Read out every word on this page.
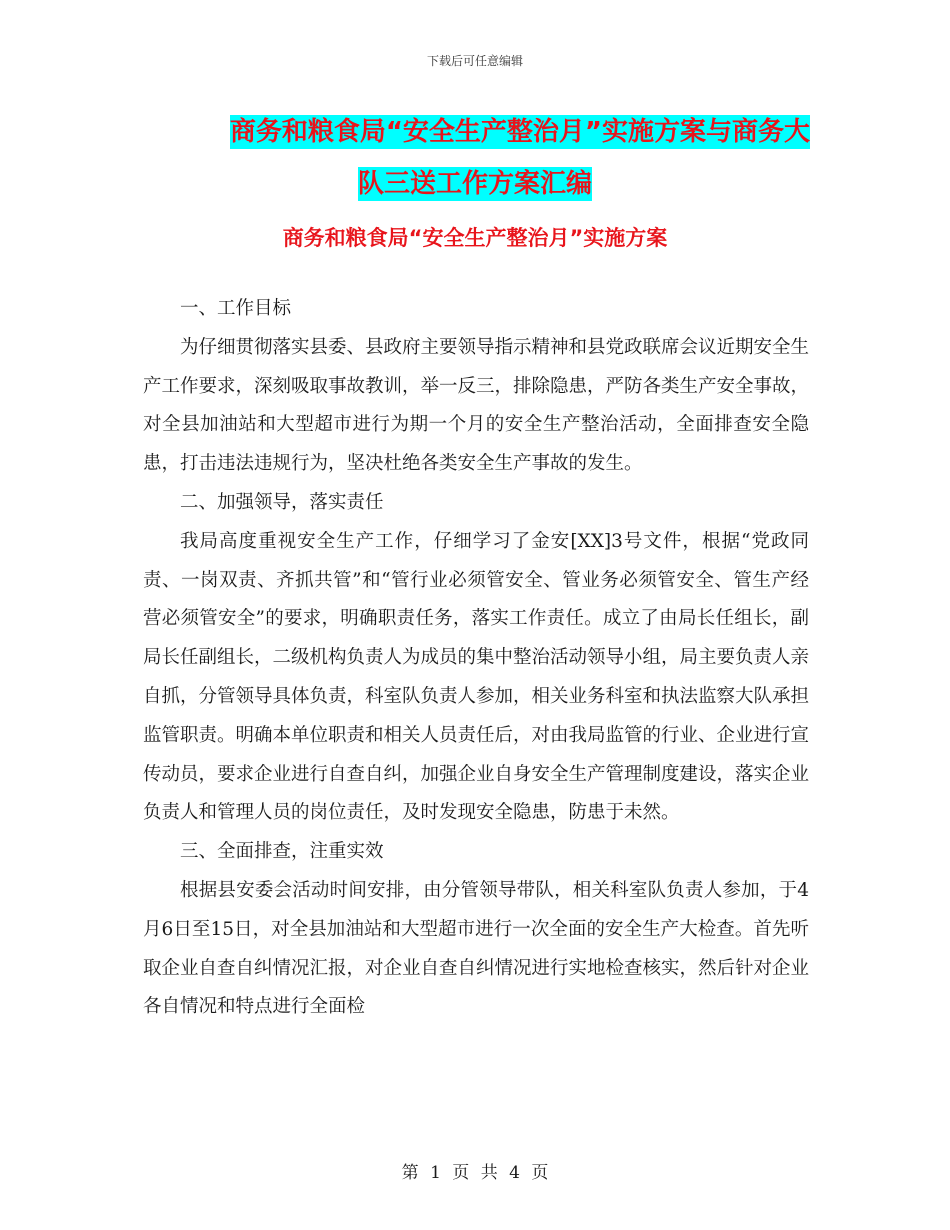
下载后可任意编辑
商务和粮食局“安全生产整治月”实施方案与商务大
队三送工作方案汇编
商务和粮食局“安全生产整治月”实施方案

一、工作目标

为仔细贯彻落实县委、县政府主要领导指示精神和县党政联席会议近期安全生产工作要求，深刻吸取事故教训，举一反三，排除隐患，严防各类生产安全事故，对全县加油站和大型超市进行为期一个月的安全生产整治活动，全面排查安全隐患，打击违法违规行为，坚决杜绝各类安全生产事故的发生。

二、加强领导，落实责任

我局高度重视安全生产工作，仔细学习了金安[XX]3号文件，根据“党政同责、一岗双责、齐抓共管”和“管行业必须管安全、管业务必须管安全、管生产经营必须管安全”的要求，明确职责任务，落实工作责任。成立了由局长任组长，副局长任副组长，二级机构负责人为成员的集中整治活动领导小组，局主要负责人亲自抓，分管领导具体负责，科室队负责人参加，相关业务科室和执法监察大队承担监管职责。明确本单位职责和相关人员责任后，对由我局监管的行业、企业进行宣传动员，要求企业进行自查自纠，加强企业自身安全生产管理制度建设，落实企业负责人和管理人员的岗位责任，及时发现安全隐患，防患于未然。

三、全面排查，注重实效

根据县安委会活动时间安排，由分管领导带队，相关科室队负责人参加，于4月6日至15日，对全县加油站和大型超市进行一次全面的安全生产大检查。首先听取企业自查自纠情况汇报，对企业自查自纠情况进行实地检查核实，然后针对企业各自情况和特点进行全面检

第 1 页 共 4 页
